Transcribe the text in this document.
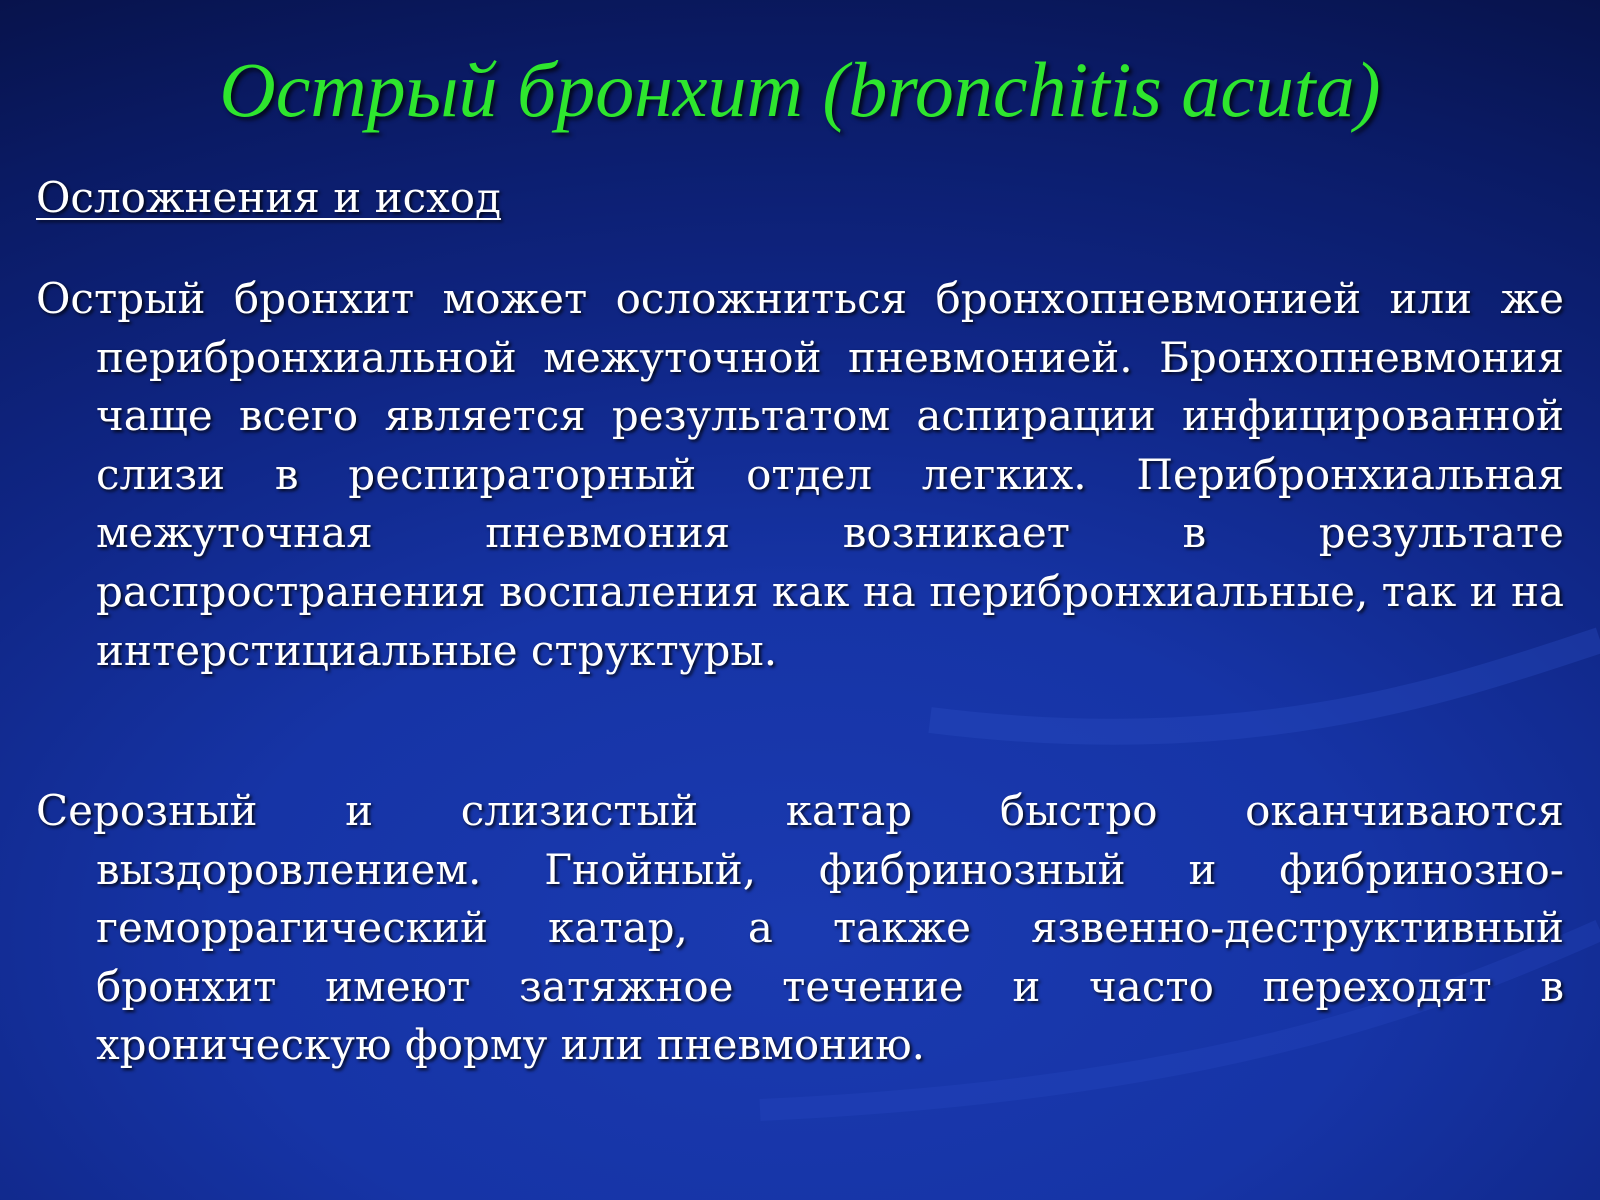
Острый бронхит (bronchitis acuta)
Осложнения и исход

Острый бронхит может осложниться бронхопневмонией или же перибронхиальной межуточной пневмонией. Бронхопневмония чаще всего является результатом аспирации инфицированной слизи в респираторный отдел легких. Перибронхиальная межуточная пневмония возникает в результате распространения воспаления как на перибронхиальные, так и на интерстициальные структуры.

Серозный и слизистый катар быстро оканчиваются выздоровлением. Гнойный, фибринозный и фибринозно-геморрагический катар, а также язвенно-деструктивный бронхит имеют затяжное течение и часто переходят в хроническую форму или пневмонию.
